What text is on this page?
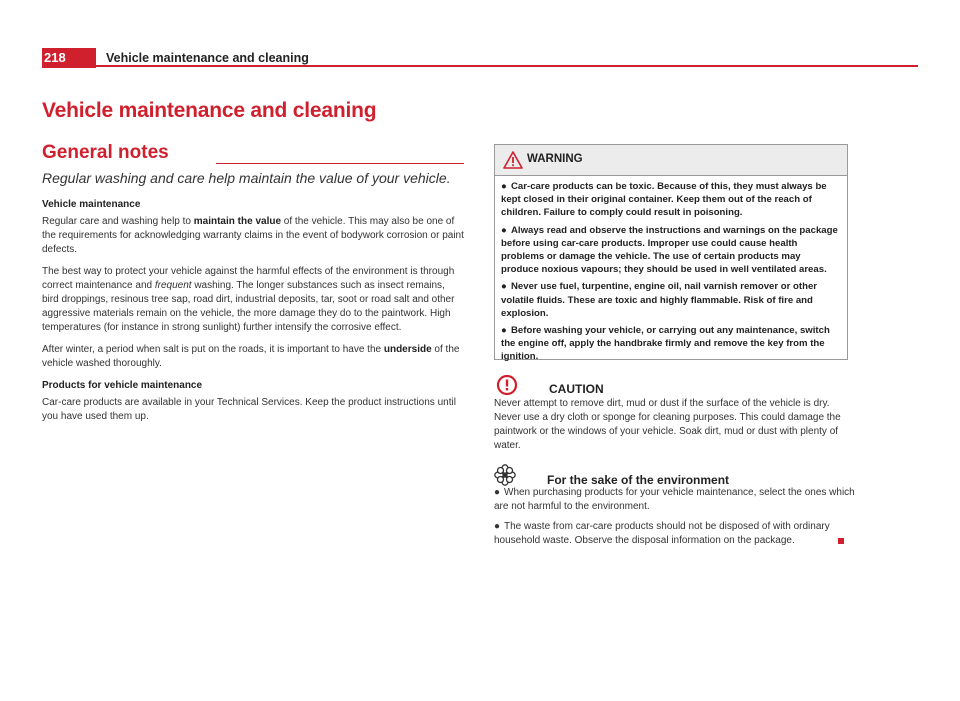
218	Vehicle maintenance and cleaning
Vehicle maintenance and cleaning
General notes

Regular washing and care help maintain the value of your vehicle.

Vehicle maintenance

Regular care and washing help to maintain the value of the vehicle. This may also be one of the requirements for acknowledging warranty claims in the event of bodywork corrosion or paint defects.

The best way to protect your vehicle against the harmful effects of the environment is through correct maintenance and frequent washing. The longer substances such as insect remains, bird droppings, resinous tree sap, road dirt, industrial deposits, tar, soot or road salt and other aggressive materials remain on the vehicle, the more damage they do to the paintwork. High temperatures (for instance in strong sunlight) further intensify the corrosive effect.

After winter, a period when salt is put on the roads, it is important to have the underside of the vehicle washed thoroughly.

Products for vehicle maintenance

Car-care products are available in your Technical Services. Keep the product instructions until you have used them up.

WARNING

● Car-care products can be toxic. Because of this, they must always be kept closed in their original container. Keep them out of the reach of children. Failure to comply could result in poisoning.

● Always read and observe the instructions and warnings on the package before using car-care products. Improper use could cause health problems or damage the vehicle. The use of certain products may produce noxious vapours; they should be used in well ventilated areas.

● Never use fuel, turpentine, engine oil, nail varnish remover or other volatile fluids. These are toxic and highly flammable. Risk of fire and explosion.

● Before washing your vehicle, or carrying out any maintenance, switch the engine off, apply the handbrake firmly and remove the key from the ignition.

CAUTION

Never attempt to remove dirt, mud or dust if the surface of the vehicle is dry. Never use a dry cloth or sponge for cleaning purposes. This could damage the paintwork or the windows of your vehicle. Soak dirt, mud or dust with plenty of water.

For the sake of the environment

● When purchasing products for your vehicle maintenance, select the ones which are not harmful to the environment.

● The waste from car-care products should not be disposed of with ordinary household waste. Observe the disposal information on the package.
